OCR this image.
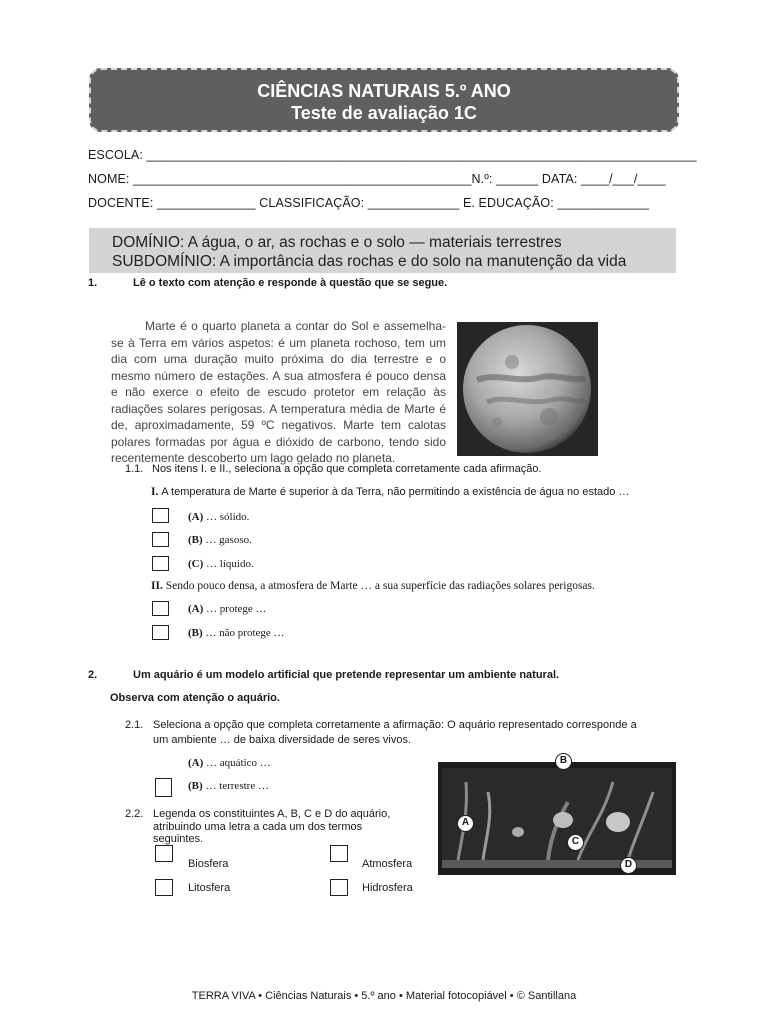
CIÊNCIAS NATURAIS 5.º ANO
Teste de avaliação 1C
ESCOLA: ______________________________________________________________________________
NOME: ________________________________________________N.º: ______ DATA: ____/___/____
DOCENTE: ______________ CLASSIFICAÇÃO: _____________ E. EDUCAÇÃO: _____________
DOMÍNIO: A água, o ar, as rochas e o solo — materiais terrestres
SUBDOMÍNIO: A importância das rochas e do solo na manutenção da vida
1.	Lê o texto com atenção e responde à questão que se segue.
Marte é o quarto planeta a contar do Sol e assemelha-se à Terra em vários aspetos: é um planeta rochoso, tem um dia com uma duração muito próxima do dia terrestre e o mesmo número de estações. A sua atmosfera é pouco densa e não exerce o efeito de escudo protetor em relação às radiações solares perigosas. A temperatura média de Marte é de, aproximadamente, 59 ºC negativos. Marte tem calotas polares formadas por água e dióxido de carbono, tendo sido recentemente descoberto um lago gelado no planeta.
1.1. Nos itens I. e II., seleciona a opção que completa corretamente cada afirmação.
I. A temperatura de Marte é superior à da Terra, não permitindo a existência de água no estado …
(A) … sólido.
(B) … gasoso.
(C) … líquido.
II. Sendo pouco densa, a atmosfera de Marte … a sua superfície das radiações solares perigosas.
(A) … protege …
(B) … não protege …
2.	Um aquário é um modelo artificial que pretende representar um ambiente natural.
Observa com atenção o aquário.
2.1. Seleciona a opção que completa corretamente a afirmação: O aquário representado corresponde a
um ambiente … de baixa diversidade de seres vivos.
(A) … aquático …
(B) … terrestre …
2.2. Legenda os constituintes A, B, C e D do aquário,
atribuindo uma letra a cada um dos termos
seguintes.
Biosfera	Atmosfera
Litosfera	Hidrosfera
B
A
C
D
TERRA VIVA • Ciências Naturais • 5.º ano • Material fotocopiável • © Santillana
